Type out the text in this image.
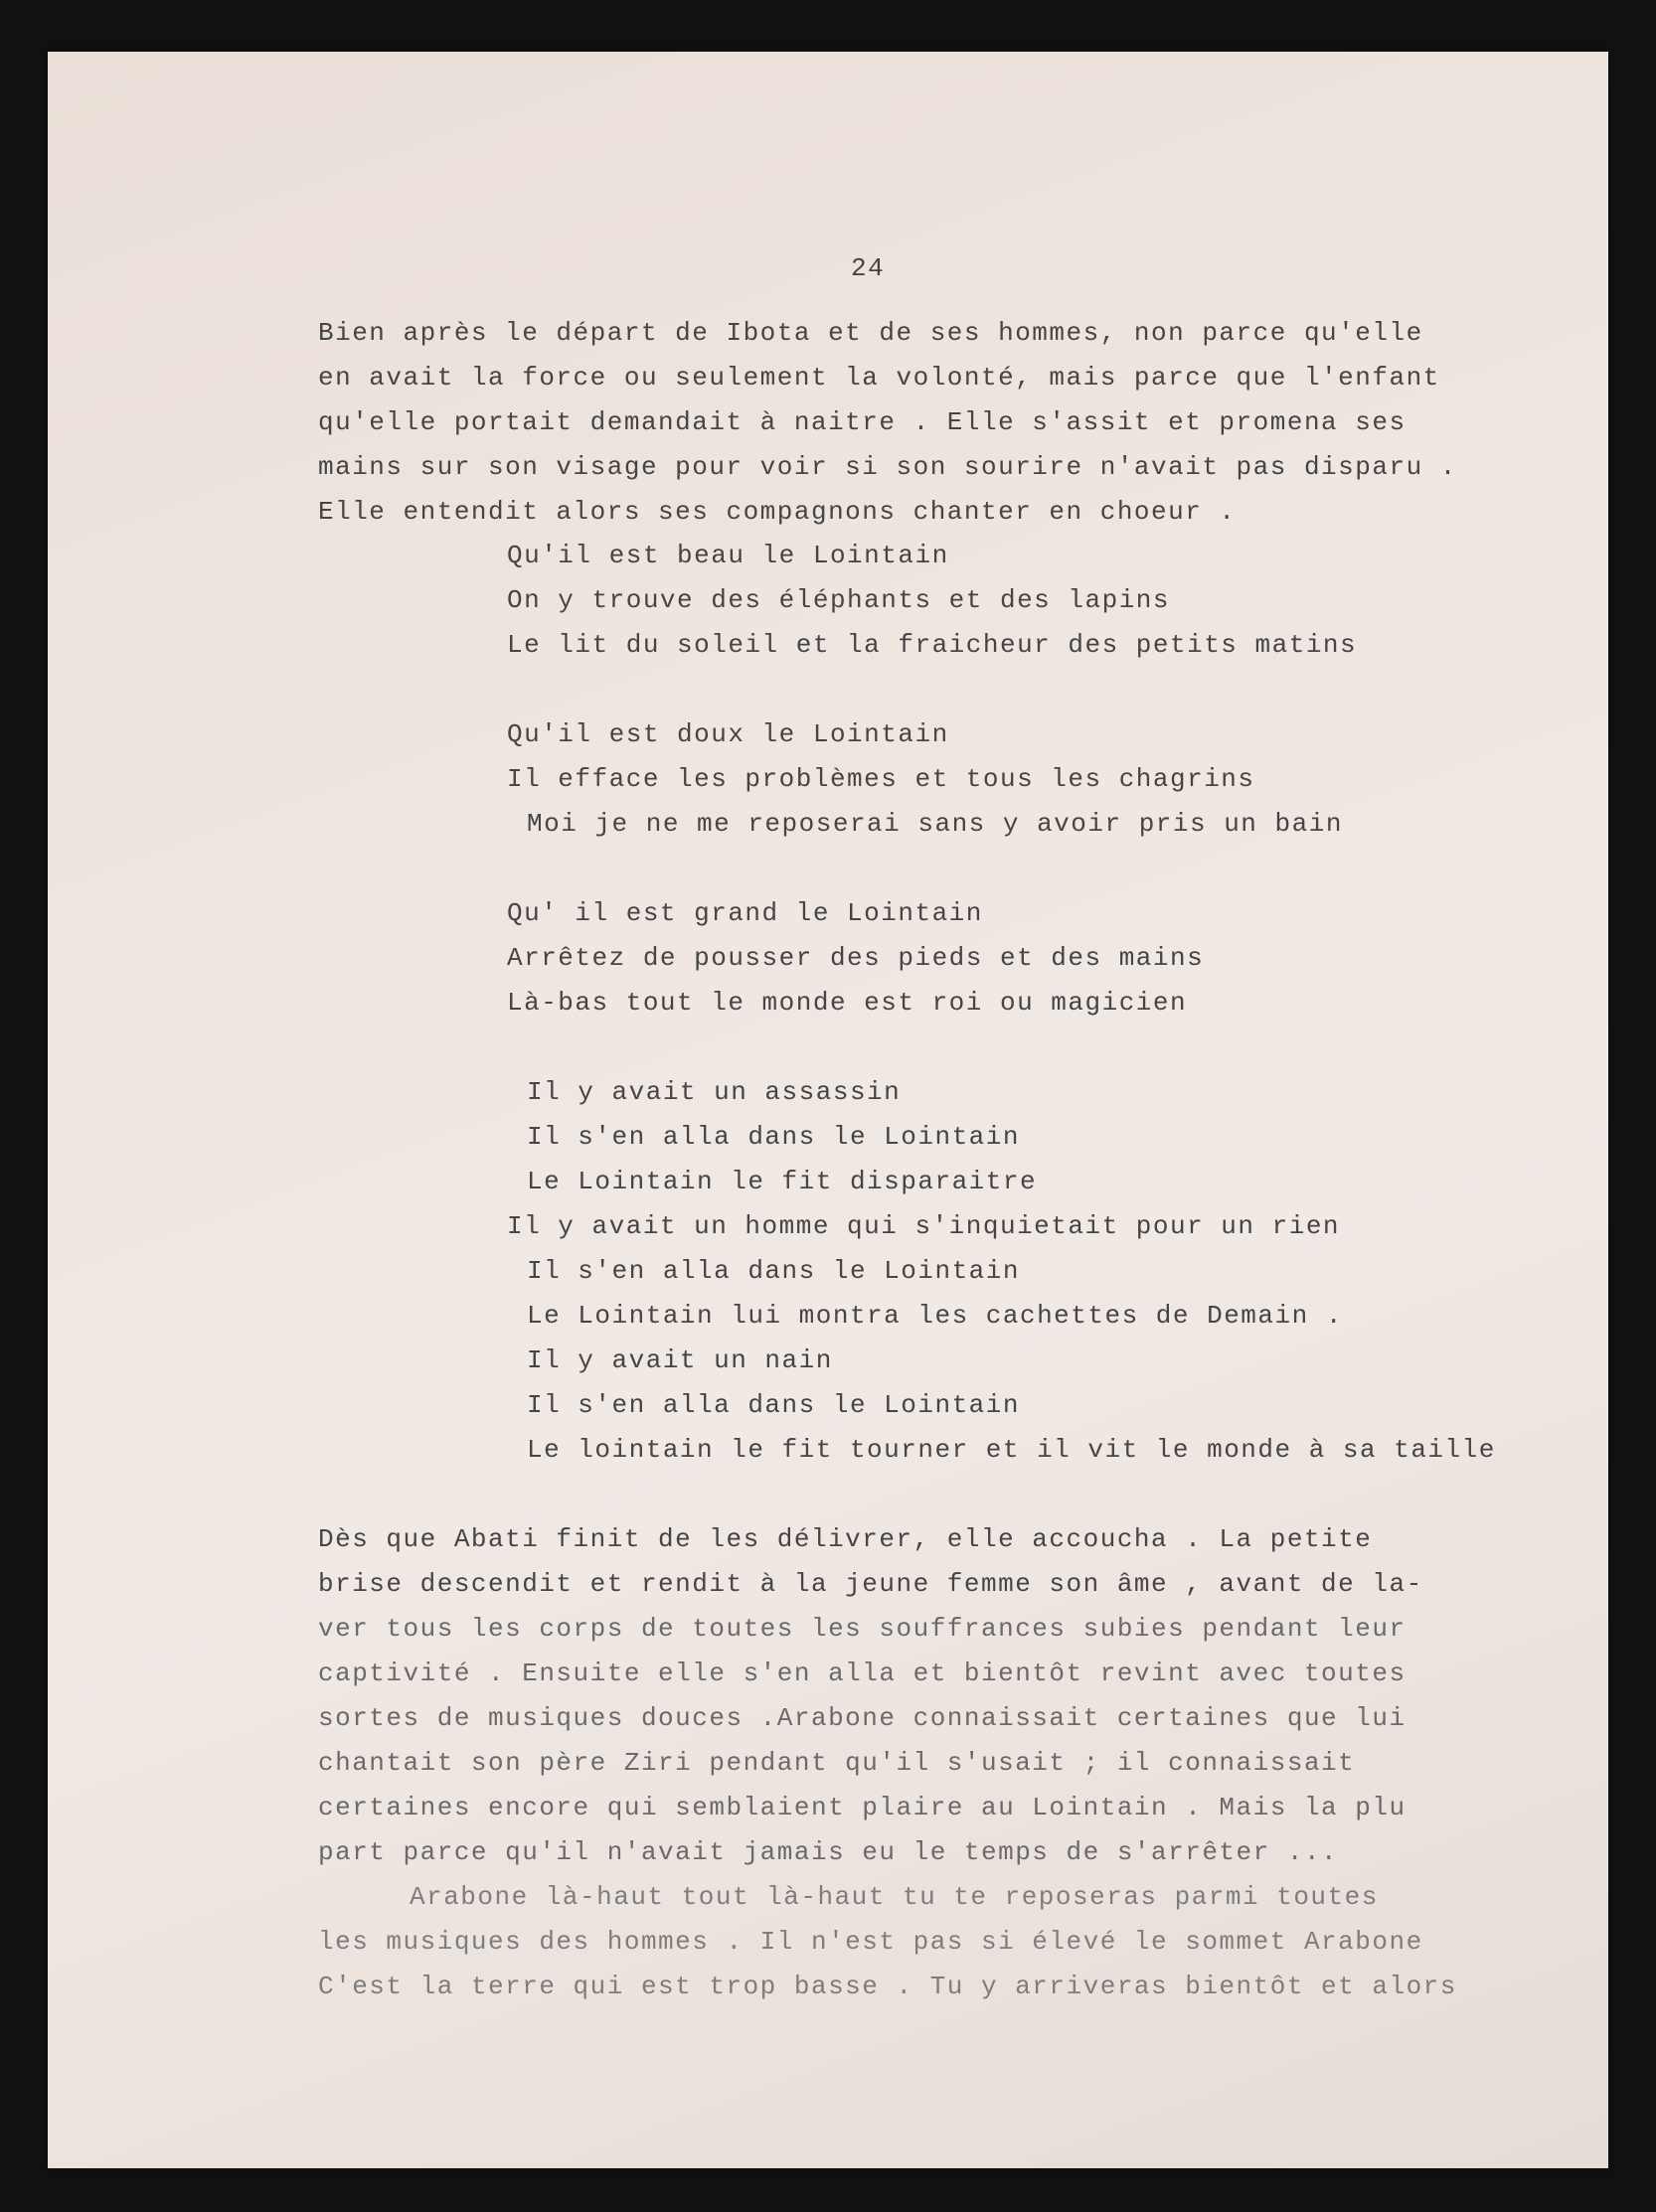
24
Bien après le départ de Ibota et de ses hommes, non parce qu'elle
en avait la force ou seulement la volonté, mais parce que l'enfant
qu'elle portait demandait à naitre . Elle s'assit et promena ses
mains sur son visage pour voir si son sourire n'avait pas disparu .
Elle entendit alors ses compagnons chanter en choeur .
Qu'il est beau le Lointain
On y trouve des éléphants et des lapins
Le lit du soleil et la fraicheur des petits matins
Qu'il est doux le Lointain
Il efface les problèmes et tous les chagrins
Moi je ne me reposerai sans y avoir pris un bain
Qu' il est grand le Lointain
Arrêtez de pousser des pieds et des mains
Là-bas tout le monde est roi ou magicien
Il y avait un assassin
Il s'en alla dans le Lointain
Le Lointain le fit disparaitre
Il y avait un homme qui s'inquietait pour un rien
Il s'en alla dans le Lointain
Le Lointain lui montra les cachettes de Demain .
Il y avait un nain
Il s'en alla dans le Lointain
Le lointain le fit tourner et il vit le monde à sa taille
Dès que Abati finit de les délivrer, elle accoucha . La petite
brise descendit et rendit à la jeune femme son âme , avant de la-
ver tous les corps de toutes les souffrances subies pendant leur
captivité . Ensuite elle s'en alla et bientôt revint avec toutes
sortes de musiques douces .Arabone connaissait certaines que lui
chantait son père Ziri pendant qu'il s'usait ; il connaissait
certaines encore qui semblaient plaire au Lointain . Mais la plu
part parce qu'il n'avait jamais eu le temps de s'arrêter ...
Arabone là-haut tout là-haut tu te reposeras parmi toutes
les musiques des hommes . Il n'est pas si élevé le sommet Arabone
C'est la terre qui est trop basse . Tu y arriveras bientôt et alors
